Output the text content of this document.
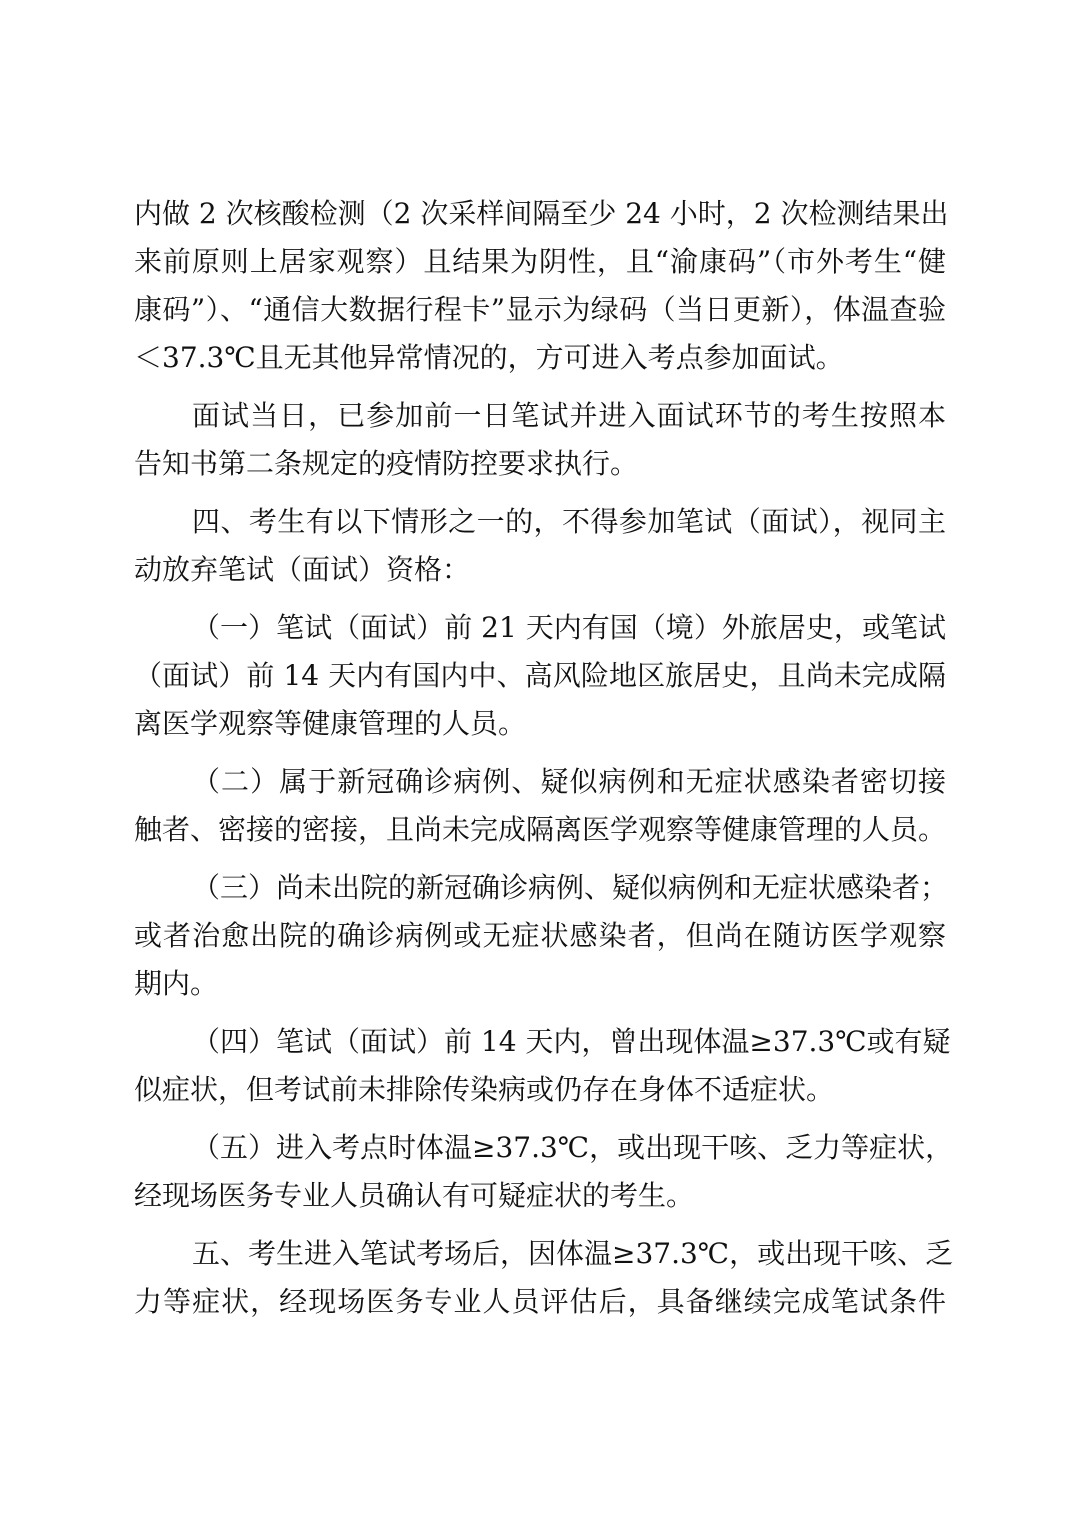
内做 2 次核酸检测（2 次采样间隔至少 24 小时，2 次检测结果出
来前原则上居家观察）且结果为阴性，且“渝康码”（市外考生“健
康码”）、“通信大数据行程卡”显示为绿码（当日更新），体温查验
＜37.3℃且无其他异常情况的，方可进入考点参加面试。
面试当日，已参加前一日笔试并进入面试环节的考生按照本
告知书第二条规定的疫情防控要求执行。
四、考生有以下情形之一的，不得参加笔试（面试），视同主
动放弃笔试（面试）资格：
（一）笔试（面试）前 21 天内有国（境）外旅居史，或笔试
（面试）前 14 天内有国内中、高风险地区旅居史，且尚未完成隔
离医学观察等健康管理的人员。
（二）属于新冠确诊病例、疑似病例和无症状感染者密切接
触者、密接的密接，且尚未完成隔离医学观察等健康管理的人员。
（三）尚未出院的新冠确诊病例、疑似病例和无症状感染者；
或者治愈出院的确诊病例或无症状感染者，但尚在随访医学观察
期内。
（四）笔试（面试）前 14 天内，曾出现体温≥37.3℃或有疑
似症状，但考试前未排除传染病或仍存在身体不适症状。
（五）进入考点时体温≥37.3℃，或出现干咳、乏力等症状，
经现场医务专业人员确认有可疑症状的考生。
五、考生进入笔试考场后，因体温≥37.3℃，或出现干咳、乏
力等症状，经现场医务专业人员评估后，具备继续完成笔试条件
